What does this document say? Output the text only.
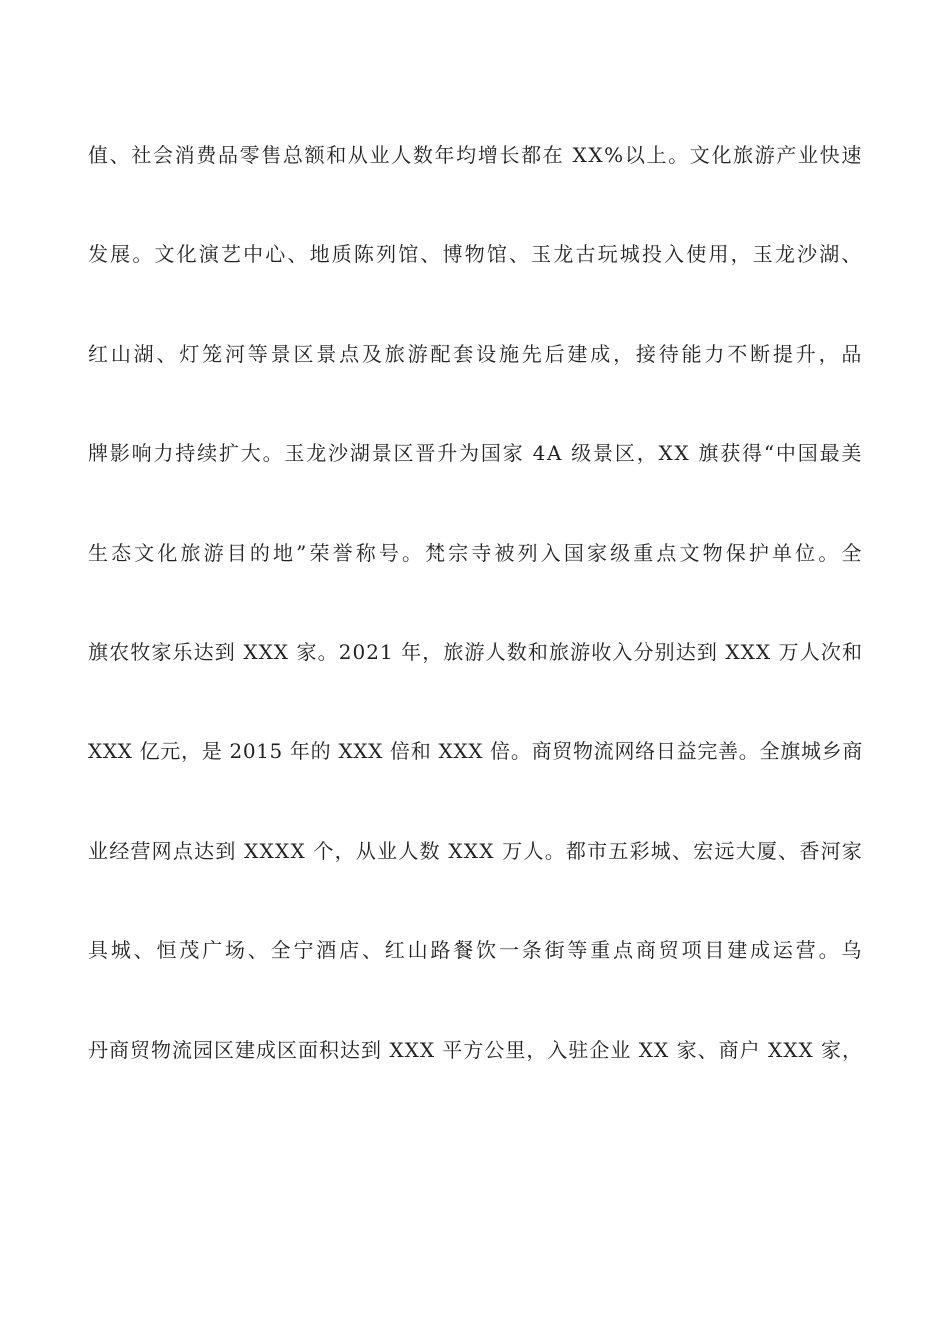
值、社会消费品零售总额和从业人数年均增长都在 XX%以上。文化旅游产业快速
发展。文化演艺中心、地质陈列馆、博物馆、玉龙古玩城投入使用，玉龙沙湖、
红山湖、灯笼河等景区景点及旅游配套设施先后建成，接待能力不断提升，品
牌影响力持续扩大。玉龙沙湖景区晋升为国家 4A 级景区，XX 旗获得“中国最美
生态文化旅游目的地”荣誉称号。梵宗寺被列入国家级重点文物保护单位。全
旗农牧家乐达到 XXX 家。2021 年，旅游人数和旅游收入分别达到 XXX 万人次和
XXX 亿元，是 2015 年的 XXX 倍和 XXX 倍。商贸物流网络日益完善。全旗城乡商
业经营网点达到 XXXX 个，从业人数 XXX 万人。都市五彩城、宏远大厦、香河家
具城、恒茂广场、全宁酒店、红山路餐饮一条街等重点商贸项目建成运营。乌
丹商贸物流园区建成区面积达到 XXX 平方公里，入驻企业 XX 家、商户 XXX 家，
